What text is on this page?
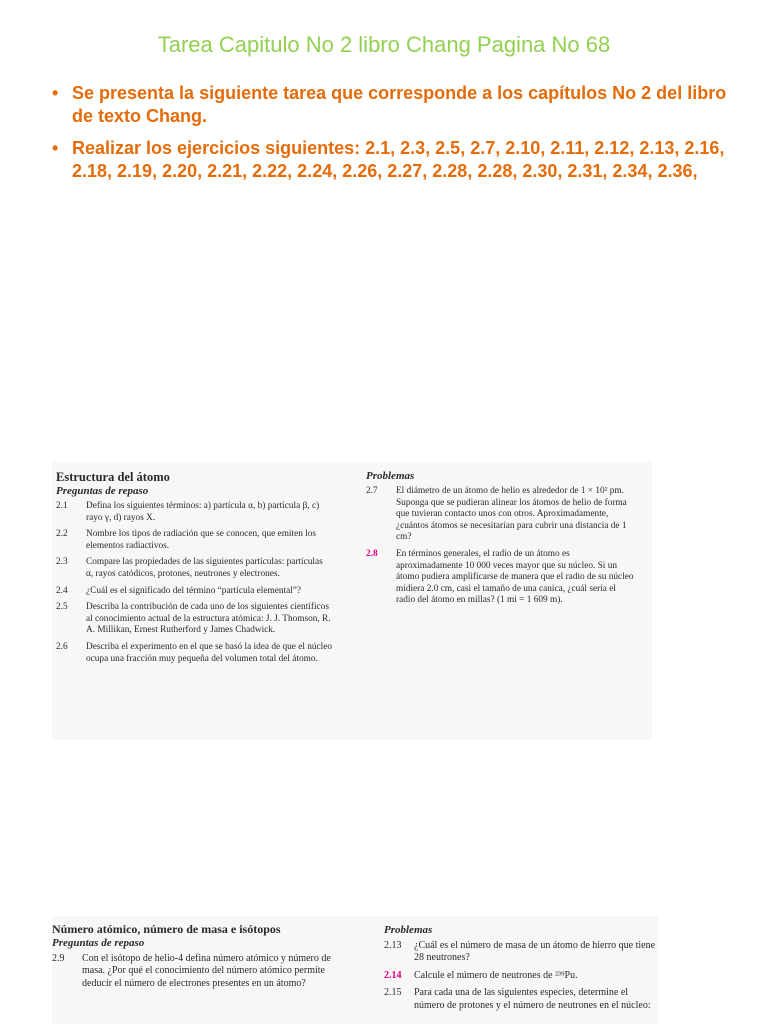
Tarea Capitulo No 2 libro Chang Pagina No 68
• Se presenta la siguiente tarea que corresponde a los capítulos No 2 del libro de texto Chang.
• Realizar los ejercicios siguientes: 2.1, 2.3, 2.5, 2.7, 2.10, 2.11, 2.12, 2.13, 2.16, 2.18, 2.19, 2.20, 2.21, 2.22, 2.24, 2.26, 2.27, 2.28, 2.28, 2.30, 2.31, 2.34, 2.36,
Estructura del átomo
Preguntas de repaso
2.1 Defina los siguientes términos: a) partícula α, b) partícula β, c) rayo γ, d) rayos X.
2.2 Nombre los tipos de radiación que se conocen, que emiten los elementos radiactivos.
2.3 Compare las propiedades de las siguientes partículas: partículas α, rayos catódicos, protones, neutrones y electrones.
2.4 ¿Cuál es el significado del término “partícula elemental”?
2.5 Describa la contribución de cada uno de los siguientes científicos al conocimiento actual de la estructura atómica: J. J. Thomson, R. A. Millikan, Ernest Rutherford y James Chadwick.
2.6 Describa el experimento en el que se basó la idea de que el núcleo ocupa una fracción muy pequeña del volumen total del átomo.
Problemas
2.7 El diámetro de un átomo de helio es alrededor de 1 × 10² pm. Suponga que se pudieran alinear los átomos de helio de forma que tuvieran contacto unos con otros. Aproximadamente, ¿cuántos átomos se necesitarían para cubrir una distancia de 1 cm?
2.8 En términos generales, el radio de un átomo es aproximadamente 10 000 veces mayor que su núcleo. Si un átomo pudiera amplificarse de manera que el radio de su núcleo midiera 2.0 cm, casi el tamaño de una canica, ¿cuál sería el radio del átomo en millas? (1 mi = 1 609 m).
Número atómico, número de masa e isótopos
Preguntas de repaso
2.9 Con el isótopo de helio-4 defina número atómico y número de masa. ¿Por qué el conocimiento del número atómico permite deducir el número de electrones presentes en un átomo?
Problemas
2.13 ¿Cuál es el número de masa de un átomo de hierro que tiene 28 neutrones?
2.14 Calcule el número de neutrones de ²³⁹Pu.
2.15 Para cada una de las siguientes especies, determine el número de protones y el número de neutrones en el núcleo:
